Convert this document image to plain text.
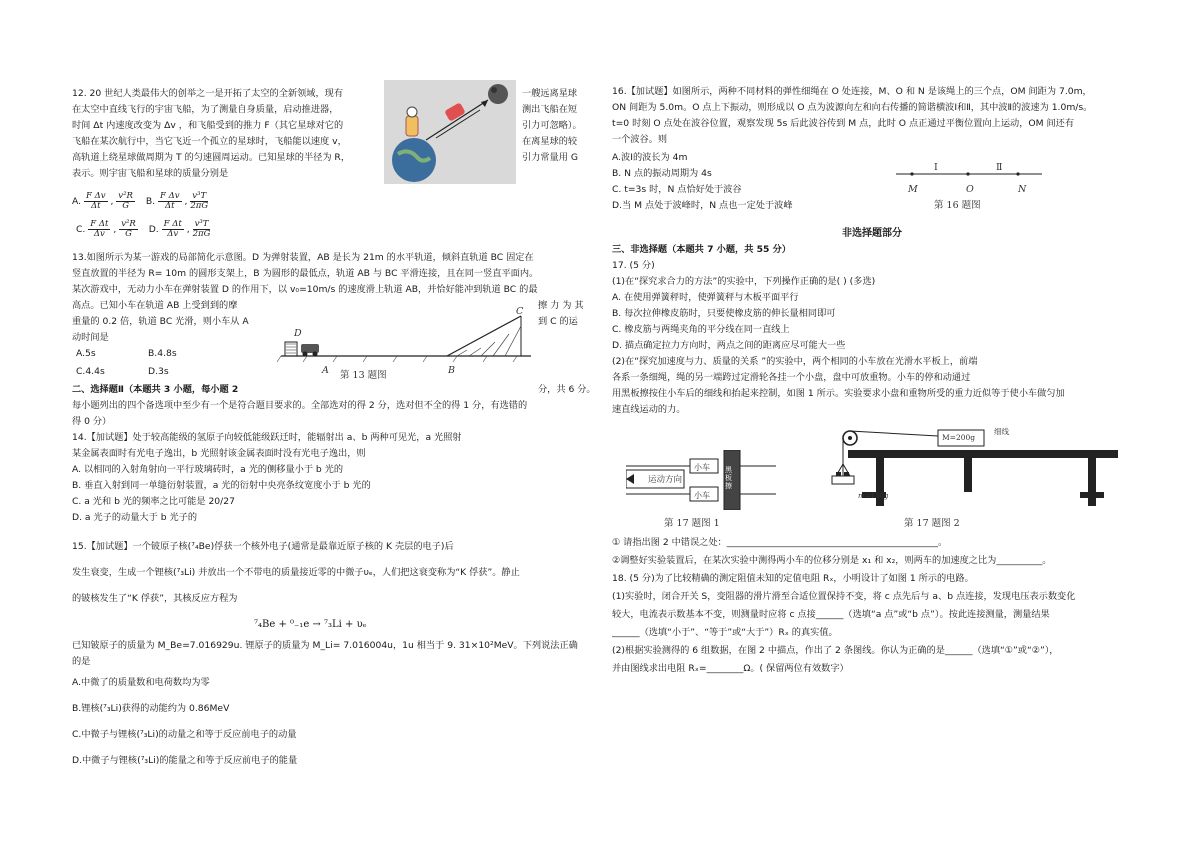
12. 20 世纪人类最伟大的创举之一是开拓了太空的全新领域，现有	一艘远离星球
在太空中直线飞行的宇宙飞船，为了测量自身质量，启动推进器，	测出飞船在短
时间 Δt 内速度改变为 Δv ，和飞船受到的推力 F（其它星球对它的	引力可忽略）。
飞船在某次航行中，当它飞近一个孤立的星球时，飞船能以速度 v，	在离星球的较
高轨道上绕星球做周期为 T 的匀速圆周运动。已知星球的半径为 R，	引力常量用 G
表示。则宇宙飞船和星球的质量分别是
A. $\frac{\text{F Δv}}{\Delta t}$ , $\frac{\text{v²R}}{G} B$. $\frac{\text{F Δv}}{\Delta t}$ , $\frac{\text{v³T}}{2\pi G}$
C. $\frac{\text{F Δt}}{\Delta v}$ , $\frac{\text{v²R}}{G} D$. $\frac{\text{F Δt}}{\Delta v}$ , $\frac{\text{v³T}}{2\pi G}$
13.如图所示为某一游戏的局部简化示意图。D 为弹射装置，AB 是长为 21m 的水平轨道，倾斜直轨道 BC 固定在
竖直放置的半径为 R= 10m 的圆形支架上，B 为圆形的最低点，轨道 AB 与 BC 平滑连接，且在同一竖直平面内。
某次游戏中，无动力小车在弹射装置 D 的作用下，以 v₀=10m/s 的速度滑上轨道 AB，并恰好能冲到轨道 BC 的最
高点。已知小车在轨道 AB 上受到到的摩	擦 力 为 其
重量的 0.2 倍，轨道 BC 光滑，则小车从 A	到 C 的运
动时间是
A.5s	B.4.8s
D
A	B
C
C.4.4s	D.3s	第 13 题图
二、选择题Ⅱ（本题共 3 小题，每小题 2	分，共 6 分。
每小题列出的四个备选项中至少有一个是符合题目要求的。全部选对的得 2 分，选对但不全的得 1 分，有选错的
得 0 分）
14.【加试题】处于较高能级的氢原子向较低能级跃迁时，能辐射出 a、b 两种可见光，a 光照射
某金属表面时有光电子逸出，b 光照射该金属表面时没有光电子逸出，则
A. 以相同的入射角射向一平行玻璃砖时，a 光的侧移量小于 b 光的
B. 垂直入射到同一单缝衍射装置，a 光的衍射中央亮条纹宽度小于 b 光的
C. a 光和 b 光的频率之比可能是 20/27
D. a 光子的动量大于 b 光子的
15.【加试题】一个铍原子核(⁷₄Be)俘获一个核外电子(通常是最靠近原子核的 K 壳层的电子)后
发生衰变，生成一个锂核(⁷₃Li) 并放出一个不带电的质量接近零的中微子υₑ，人们把这衰变称为“K 俘获”。静止
的铍核发生了“K 俘获”，其核反应方程为
⁷₄Be + ⁰₋₁e → ⁷₃Li + υₑ
已知铍原子的质量为 M_Be=7.016929u. 锂原子的质量为 M_Li= 7.016004u，1u 相当于 9. 31×10²MeV。下列说法正确
的是
A.中微了的质量数和电荷数均为零
B.锂核(⁷₃Li)获得的动能约为 0.86MeV
C.中微子与锂核(⁷₃Li)的动量之和等于反应前电子的动量
D.中微子与锂核(⁷₃Li)的能量之和等于反应前电子的能量
16.【加试题】如图所示，两种不同材料的弹性细绳在 O 处连接，M、O 和 N 是该绳上的三个点，OM 间距为 7.0m，
ON 间距为 5.0m。O 点上下振动，则形成以 O 点为波源向左和向右传播的简谐横波Ⅰ和Ⅱ，其中波Ⅱ的波速为 1.0m/s。
t=0 时刻 O 点处在波谷位置，观察发现 5s 后此波谷传到 M 点，此时 O 点正通过平衡位置向上运动，OM 间还有
一个波谷。则
A.波Ⅰ的波长为 4m
B. N 点的振动周期为 4s
C. t=3s 时，N 点恰好处于波谷
D.当 M 点处于波峰时，N 点也一定处于波峰
Ⅰ	Ⅱ
M	O	N
第 16 题图
非选择题部分
三、非选择题（本题共 7 小题，共 55 分）
17. (5 分)
(1)在“探究求合力的方法”的实验中，下列操作正确的是( ) (多选)
A. 在使用弹簧秤时，使弹簧秤与木板平面平行
B. 每次拉伸橡皮筋时，只要使橡皮筋的伸长量相同即可
C. 橡皮筋与两绳夹角的平分线在同一直线上
D. 描点确定拉力方向时，两点之间的距离应尽可能大一些
(2)在“探究加速度与力、质量的关系 ”的实验中，两个相同的小车放在光滑水平板上，前端
各系一条细绳，绳的另一端跨过定滑轮各挂一个小盘，盘中可放重物。小车的停和动通过
用黑板擦按住小车后的细线和抬起来控制，如图 1 所示。实验要求小盘和重物所受的重力近似等于使小车做匀加
速直线运动的力。
运动方向
小车
小车
黑板擦
第 17 题图 1
M=200g
细线
m=150g
第 17 题图 2
① 请指出图 2 中错误之处：______________________________________________。
②调整好实验装置后，在某次实验中测得两小车的位移分别是 x₁ 和 x₂，则两车的加速度之比为__________。
18. (5 分)为了比较精确的测定阻值未知的定值电阻 Rₓ，小明设计了如图 1 所示的电路。
(1)实验时，闭合开关 S，变阻器的滑片滑至合适位置保持不变，将 c 点先后与 a、b 点连接，发现电压表示数变化
较大，电流表示数基本不变，则测量时应将 c 点接______（选填“a 点”或“b 点”）。按此连接测量，测量结果
______（选填“小于”、“等于”或“大于”）Rₓ 的真实值。
(2)根据实验测得的 6 组数据，在图 2 中描点，作出了 2 条图线。你认为正确的是______（选填“①”或“②”），
并由图线求出电阻 Rₓ=________Ω。( 保留两位有效数字）
